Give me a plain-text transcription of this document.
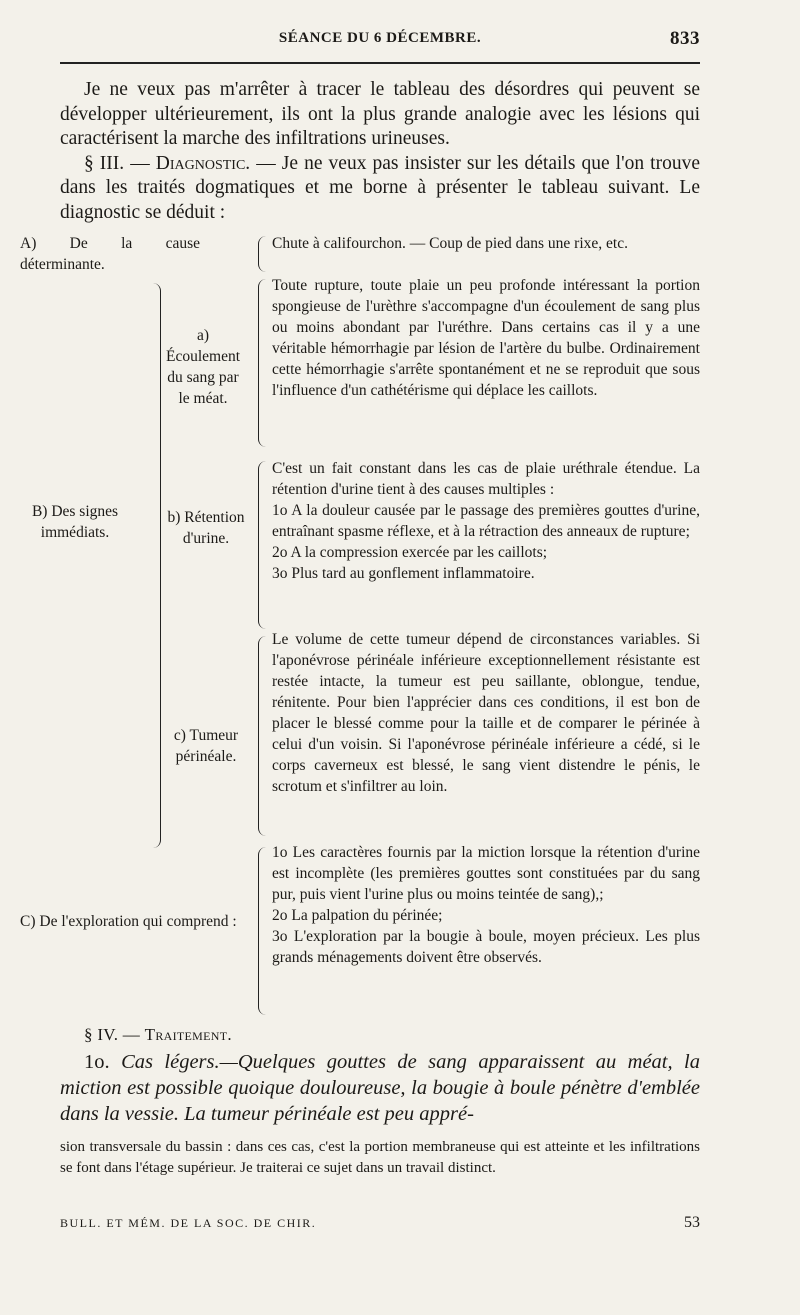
SÉANCE DU 6 DÉCEMBRE.	833

Je ne veux pas m'arrêter à tracer le tableau des désordres qui peuvent se développer ultérieurement, ils ont la plus grande analogie avec les lésions qui caractérisent la marche des infiltrations urineuses.

§ III. — Diagnostic. — Je ne veux pas insister sur les détails que l'on trouve dans les traités dogmatiques et me borne à présenter le tableau suivant. Le diagnostic se déduit :

A) De la cause déterminante.
Chute à califourchon. — Coup de pied dans une rixe, etc.
B) Des signes immédiats.
a) Écoulement du sang par le méat.
Toute rupture, toute plaie un peu profonde intéressant la portion spongieuse de l'urèthre s'accompagne d'un écoulement de sang plus ou moins abondant par l'uréthre. Dans certains cas il y a une véritable hémorrhagie par lésion de l'artère du bulbe. Ordinairement cette hémorrhagie s'arrête spontanément et ne se reproduit que sous l'influence d'un cathétérisme qui déplace les caillots.
b) Rétention d'urine.
C'est un fait constant dans les cas de plaie uréthrale étendue. La rétention d'urine tient à des causes multiples :
1o A la douleur causée par le passage des premières gouttes d'urine, entraînant spasme réflexe, et à la rétraction des anneaux de rupture;
2o A la compression exercée par les caillots;
3o Plus tard au gonflement inflammatoire.
c) Tumeur périnéale.
Le volume de cette tumeur dépend de circonstances variables. Si l'aponévrose périnéale inférieure exceptionnellement résistante est restée intacte, la tumeur est peu saillante, oblongue, tendue, rénitente. Pour bien l'apprécier dans ces conditions, il est bon de placer le blessé comme pour la taille et de comparer le périnée à celui d'un voisin. Si l'aponévrose périnéale inférieure a cédé, si le corps caverneux est blessé, le sang vient distendre le pénis, le scrotum et s'infiltrer au loin.
C) De l'exploration qui comprend :
1o Les caractères fournis par la miction lorsque la rétention d'urine est incomplète (les premières gouttes sont constituées par du sang pur, puis vient l'urine plus ou moins teintée de sang),;
2o La palpation du périnée;
3o L'exploration par la bougie à boule, moyen précieux. Les plus grands ménagements doivent être observés.

§ IV. — Traitement.

1o. Cas légers.—Quelques gouttes de sang apparaissent au méat, la miction est possible quoique douloureuse, la bougie à boule pénètre d'emblée dans la vessie. La tumeur périnéale est peu appré-

sion transversale du bassin : dans ces cas, c'est la portion membraneuse qui est atteinte et les infiltrations se font dans l'étage supérieur. Je traiterai ce sujet dans un travail distinct.

BULL. ET MÉM. DE LA SOC. DE CHIR.	53
